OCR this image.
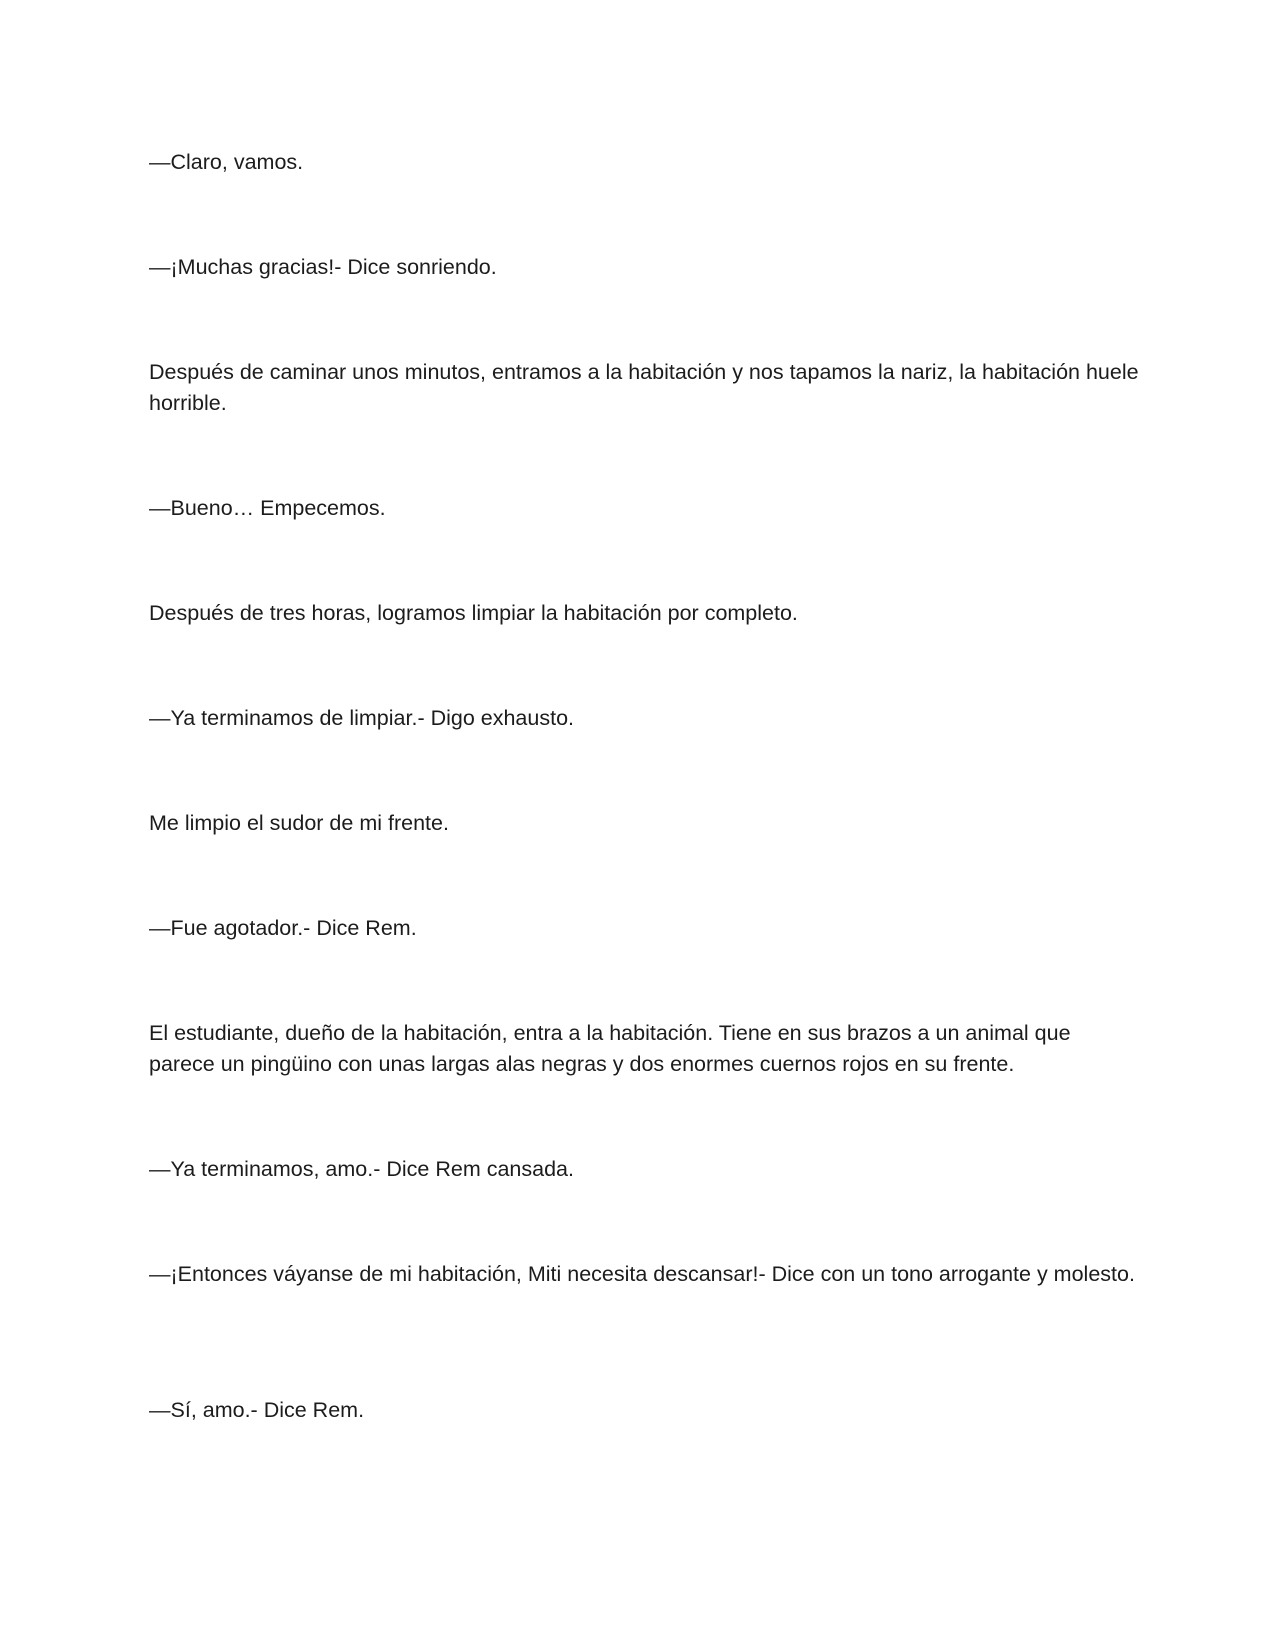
—Claro, vamos.

—¡Muchas gracias!- Dice sonriendo.

Después de caminar unos minutos, entramos a la habitación y nos tapamos la nariz, la habitación huele horrible.

—Bueno… Empecemos.

Después de tres horas, logramos limpiar la habitación por completo.

—Ya terminamos de limpiar.- Digo exhausto.

Me limpio el sudor de mi frente.

—Fue agotador.- Dice Rem.

El estudiante, dueño de la habitación, entra a la habitación. Tiene en sus brazos a un animal que parece un pingüino con unas largas alas negras y dos enormes cuernos rojos en su frente.

—Ya terminamos, amo.- Dice Rem cansada.

—¡Entonces váyanse de mi habitación, Miti necesita descansar!- Dice con un tono arrogante y molesto.

—Sí, amo.- Dice Rem.
